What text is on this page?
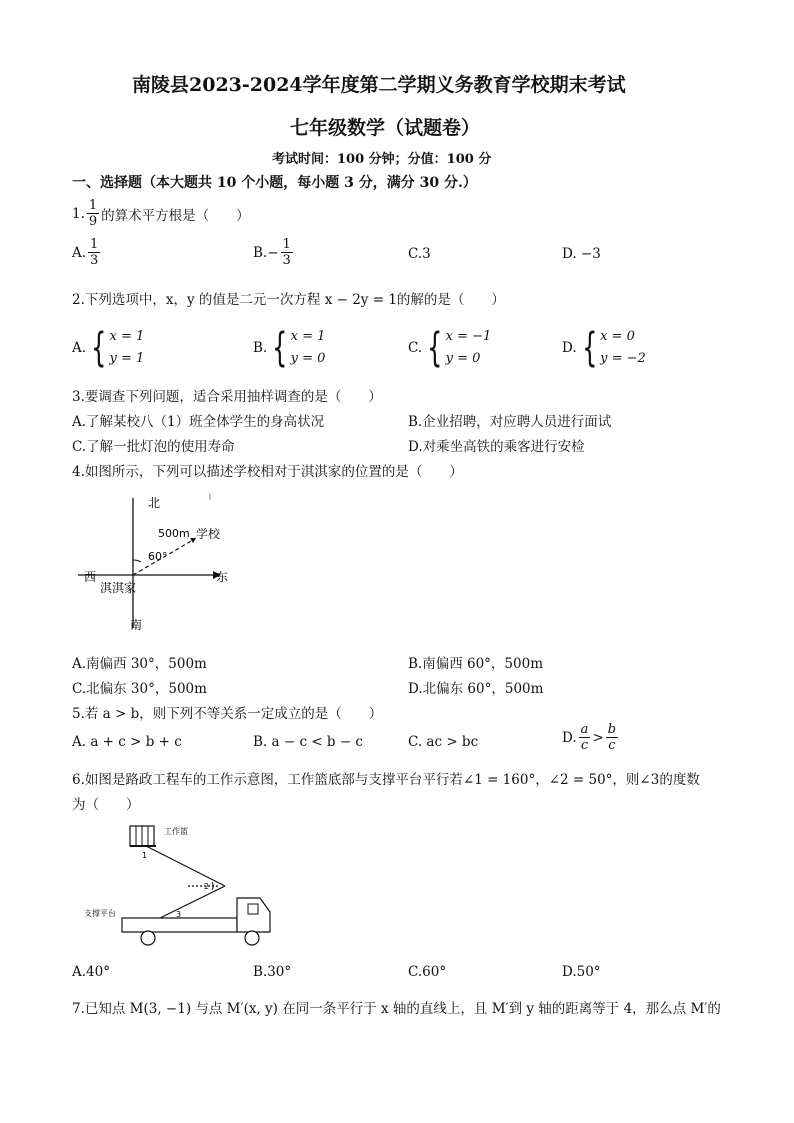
南陵县2023-2024学年度第二学期义务教育学校期末考试
七年级数学（试题卷）
考试时间：100 分钟；分值：100 分
一、选择题（本大题共 10 个小题，每小题 3 分，满分 30 分.）
1. $\frac{1}{9}$ 的算术平方根是（　　）
A. $\frac{1}{3}$	B. − $\frac{1}{3}$	C.3	D. −3
2.下列选项中，x，y 的值是二元一次方程 x − 2y = 1的解的是（　　）
A. { x = 1
y = 1
B. { x = 1
y = 0
C. { x = −1
y = 0
D. { x = 0
y = −2
3.要调查下列问题，适合采用抽样调查的是（　　）
A.了解某校八（1）班全体学生的身高状况	B.企业招聘，对应聘人员进行面试
C.了解一批灯泡的使用寿命	D.对乘坐高铁的乘客进行安检
4.如图所示，下列可以描述学校相对于淇淇家的位置的是（　　）
北
南
西	东
学校
淇淇家
500m
60°
A.南偏西 30°，500m	B.南偏西 60°，500m
C.北偏东 30°，500m	D.北偏东 60°，500m
5.若 a > b，则下列不等关系一定成立的是（　　）
A. a + c > b + c	B. a − c < b − c	C. ac > bc	D. $\frac{a}{c} > \frac{b}{c}$
6.如图是路政工程车的工作示意图，工作篮底部与支撑平台平行若∠1 = 160°，∠2 = 50°，则∠3的度数
为（　　）
工作篮
支撑平台
1
2
3
A.40°	B.30°	C.60°	D.50°
7.已知点 M(3, −1) 与点 M′(x, y) 在同一条平行于 x 轴的直线上，且 M′到 y 轴的距离等于 4，那么点 M′的
